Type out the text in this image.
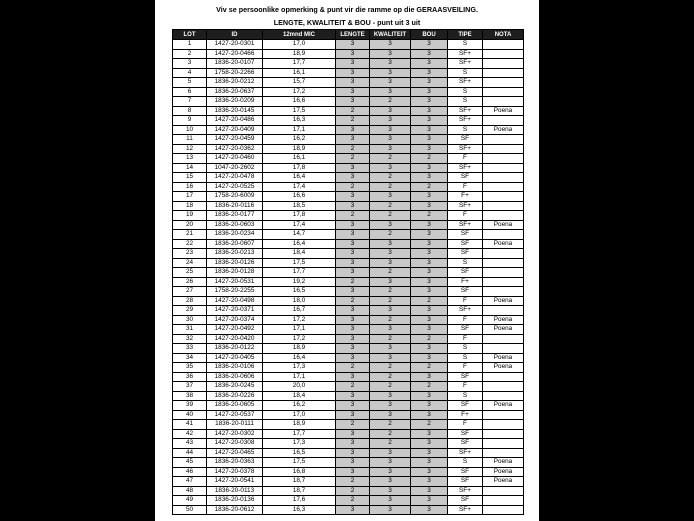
Viv se persoonlike opmerking & punt vir die ramme op die GERAASVEILING.
LENGTE, KWALITEIT & BOU - punt uit 3 uit
LOT	ID	12mnd MIC	LENGTE	KWALITEIT	BOU	TIPE	NOTA
1	1427-20-0301	17,0	3	3	3	S	
2	1427-20-0466	18,9	3	3	3	SF+	
3	1836-20-0107	17,7	3	3	3	SF+	
4	1758-20-2266	16,1	3	3	3	S	
5	1836-20-0212	15,7	3	3	3	SF+	
6	1836-20-0637	17,2	3	3	3	S	
7	1836-20-0209	16,6	3	2	3	S	
8	1836-20-0145	17,5	2	3	3	SF+	Poena
9	1427-20-0486	16,3	2	3	3	SF+	
10	1427-20-0409	17,1	3	3	3	S	Poena
11	1427-20-0459	16,2	3	3	3	SF	
12	1427-20-0362	18,9	2	3	3	SF+	
13	1427-20-0460	16,1	2	2	2	F	
14	1047-20-2602	17,8	3	3	3	SF+	
15	1427-20-0478	16,4	3	2	3	SF	
16	1427-20-0525	17,4	2	2	2	F	
17	1758-20-6009	16,6	3	3	3	F+	
18	1836-20-0116	18,5	3	2	3	SF+	
19	1836-20-0177	17,8	2	2	2	F	
20	1836-20-0603	17,4	3	3	3	SF+	Poena
21	1836-20-0234	14,7	3	2	3	SF	
22	1836-20-0607	16,4	3	3	3	SF	Poena
23	1836-20-0213	18,4	3	3	3	SF	
24	1836-20-0126	17,5	3	3	3	S	
25	1836-20-0128	17,7	3	2	3	SF	
26	1427-20-0531	19,2	2	3	3	F+	
27	1758-20-2255	16,5	3	2	3	SF	
28	1427-20-0498	18,0	2	2	2	F	Poena
29	1427-20-0371	16,7	3	3	3	SF+	
30	1427-20-0374	17,2	3	2	3	F	Poena
31	1427-20-0492	17,1	3	3	3	SF	Poena
32	1427-20-0420	17,2	3	2	2	F	
33	1836-20-0122	18,9	3	3	3	S	
34	1427-20-0405	16,4	3	3	3	S	Poena
35	1836-20-0106	17,3	2	2	2	F	Poena
36	1836-20-0606	17,1	3	2	3	SF	
37	1836-20-0245	20,0	2	2	2	F	
38	1836-20-0226	18,4	3	3	3	S	
39	1836-20-0605	16,2	3	3	3	SF	Poena
40	1427-20-0537	17,0	3	3	3	F+	
41	1836-20-0111	18,9	2	2	2	F	
42	1427-20-0302	17,7	3	2	3	SF	
43	1427-20-0308	17,3	3	2	3	SF	
44	1427-20-0465	16,5	3	3	3	SF+	
45	1836-20-0363	17,5	3	3	3	S	Poena
46	1427-20-0378	16,8	3	3	3	SF	Poena
47	1427-20-0541	18,7	2	3	3	SF	Poena
48	1836-20-0113	18,7	2	3	3	SF+	
49	1836-20-0136	17,6	2	3	3	SF	
50	1836-20-0612	16,3	3	3	3	SF+	
